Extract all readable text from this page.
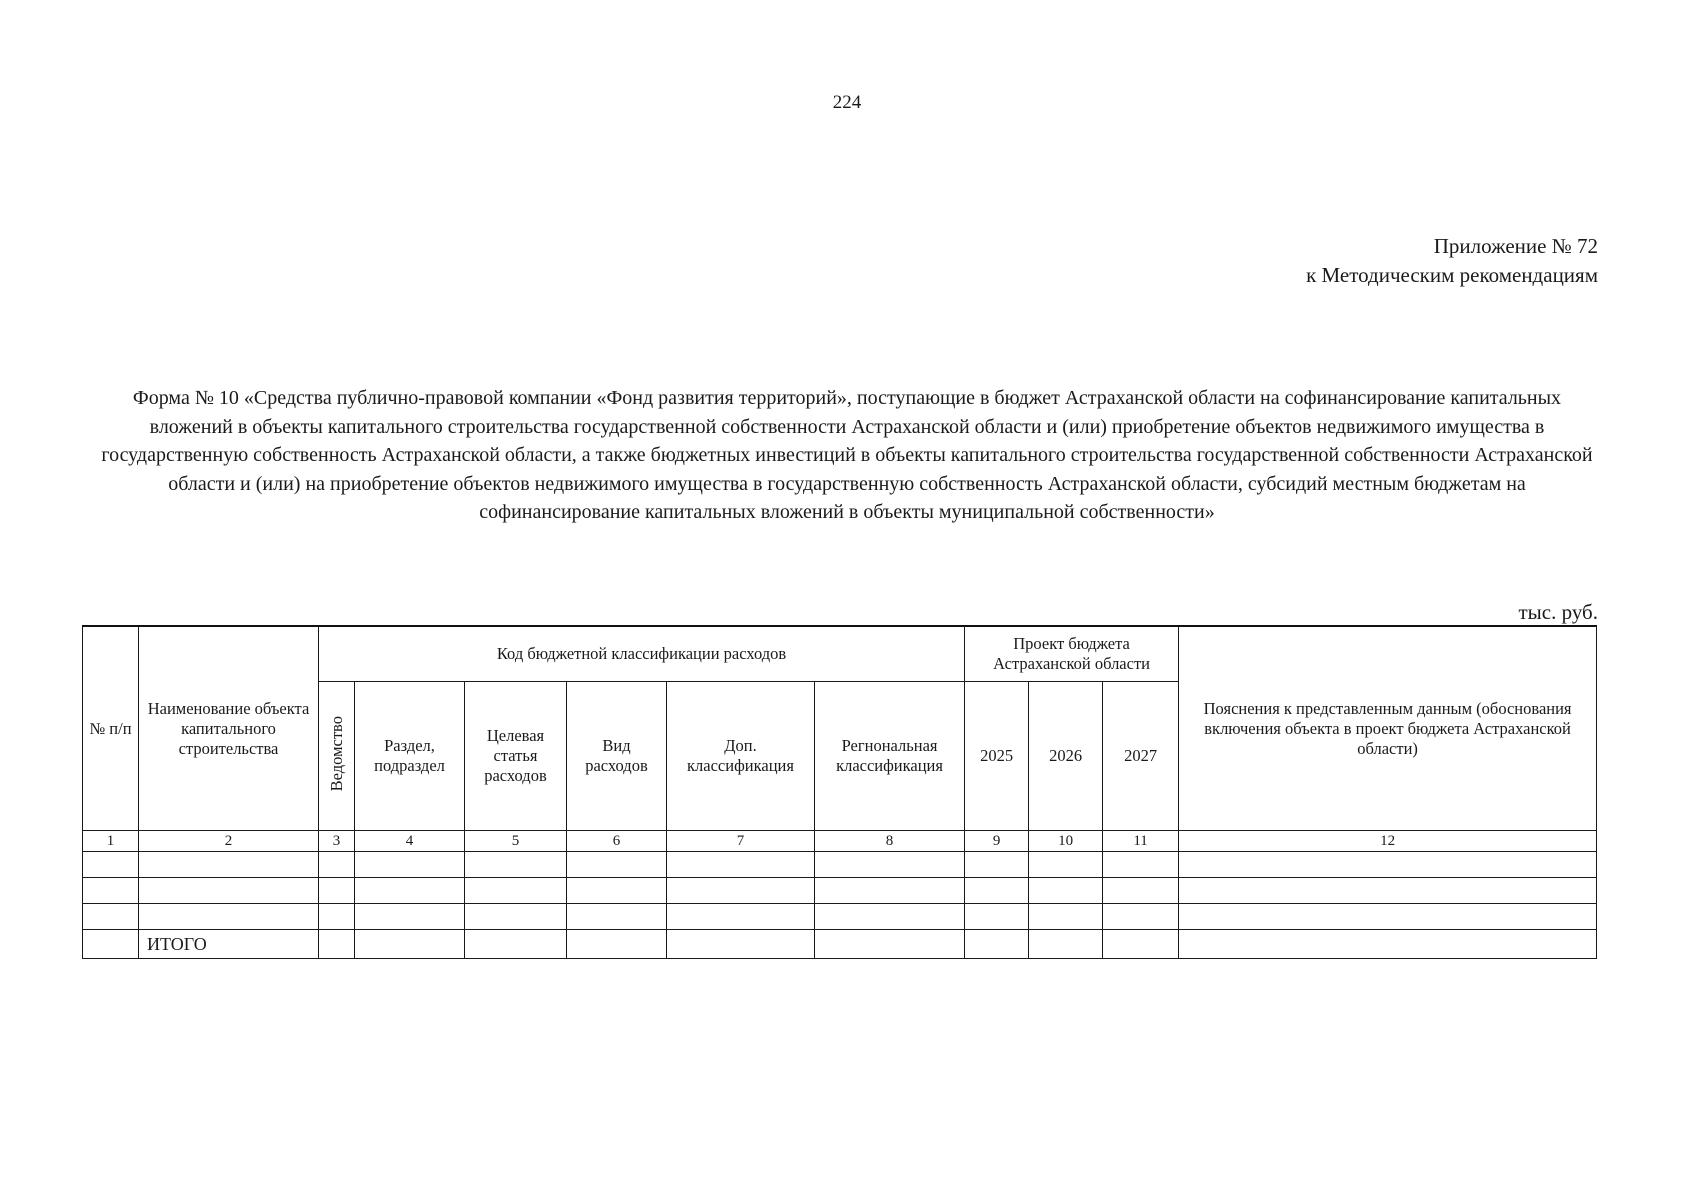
224
Приложение № 72
к Методическим рекомендациям
Форма № 10 «Средства публично-правовой компании «Фонд развития территорий», поступающие в бюджет Астраханской области на софинансирование капитальных вложений в объекты капитального строительства государственной собственности Астраханской области и (или) приобретение объектов недвижимого имущества в государственную собственность Астраханской области, а также бюджетных инвестиций в объекты капитального строительства государственной собственности Астраханской области и (или) на приобретение объектов недвижимого имущества в государственную собственность Астраханской области, субсидий местным бюджетам на софинансирование капитальных вложений в объекты муниципальной собственности»
тыс. руб.
№ п/п	Наименование объекта капитального строительства	Код бюджетной классификации расходов						Проект бюджета Астраханской области			Пояснения к представленным данным (обоснования включения объекта в проект бюджета Астраханской области)
		Ведомство	Раздел, подраздел	Целевая статья расходов	Вид расходов	Доп. классификация	Регнональная классификация	2025	2026	2027	
1	2	3	4	5	6	7	8	9	10	11	12

	ИТОГО										
